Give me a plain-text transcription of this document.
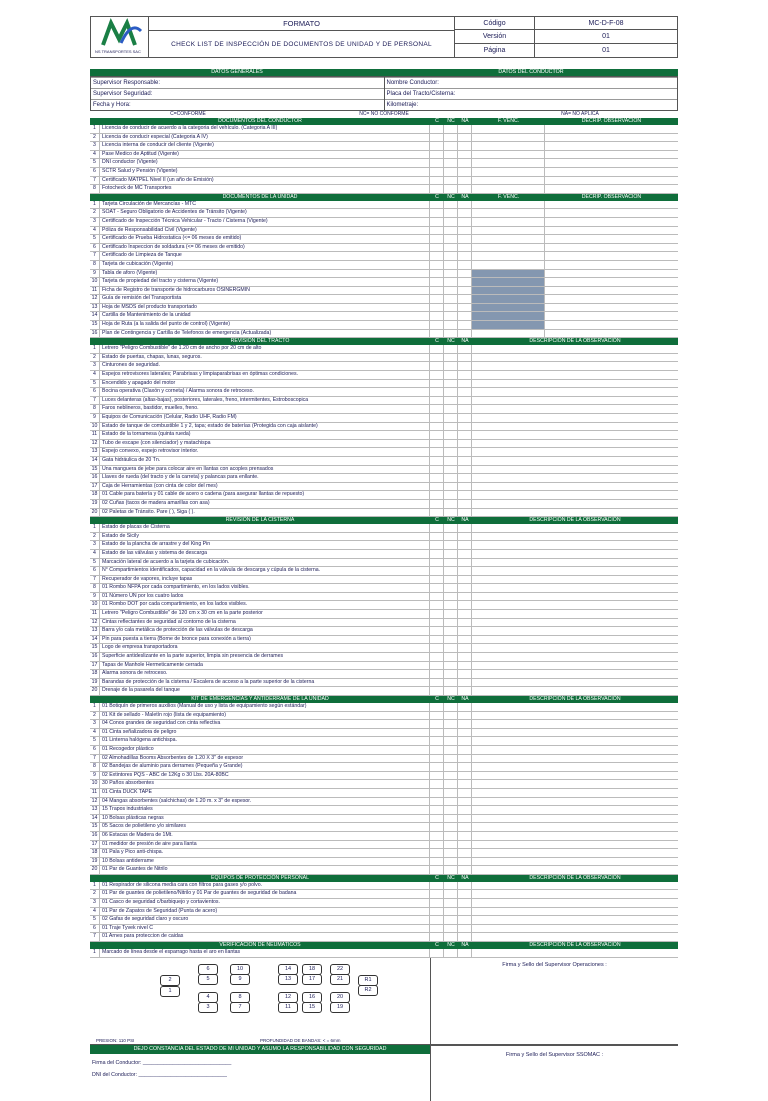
NS TRANSPORTES SAC
FORMATO
CHECK LIST DE INSPECCIÓN DE DOCUMENTOS DE UNIDAD Y DE PERSONAL
Código	MC-D-F-08
Versión	01
Página	01
DATOS GENERALES	DATOS DEL CONDUCTOR
Supervisor Responsable:
Supervisor Seguridad:
Fecha y Hora:
Nombre Conductor:
Placa del Tracto/Cisterna:
Kilometraje:
C=CONFORME	NC= NO CONFORME	NA= NO APLICA
DOCUMENTOS DEL CONDUCTOR	C	NC	NA	F. VENC.	DECRIP. OBSERVACION
1	Licencia de conducir de acuerdo a la categoria del vehículo. (Categoria A III)
2	Licencia de conducir especial (Categoria A IV)
3	Licencia interna de conducir del cliente (Vigente)
4	Pase Medico de Aptitud (Vigente)
5	DNI conductor (Vigente)
6	SCTR Salud y Pensión (Vigente)
7	Certificado MATPEL Nivel II (un año de Emisión)
8	Fotocheck de MC Transportes
DOCUMENTOS DE LA UNIDAD	C	NC	NA	F. VENC.	DECRIP. OBSERVACION
1	Tarjeta Circulación de Mercancías - MTC
2	SOAT - Seguro Obligatorio de Accidentes de Tránsito (Vigente)
3	Certificado de Inspección Técnica Vehicular - Tracto / Cisterna (Vigente)
4	Póliza de Responsabilidad Civil (Vigente)
5	Certificado de Prueba Hidrostatica (<= 06 meses de emitido)
6	Certificado Inspeccion de soldadura (<= 06 meses de emitido)
7	Certificado de Limpieza de Tanque
8	Tarjeta de cubicación (Vigente)
9	Tabla de aforo (Vigente)
10 Tarjeta de propiedad del tracto y cisterna (Vigente)
11 Ficha de Registro de transporte de hidrocarburos OSINERGMIN
12 Guía de remisión del Transportista
13 Hoja de MSDS del producto transportado
14 Cartilla de Mantenimiento de la unidad
15 Hoja de Ruta (a la salida del punto de control) (Vigente)
16 Plan de Contingencia y Cartilla de Telefonos de emergencia (Actualizada)
REVISIÓN DEL TRACTO	C	NC	NA	DESCRIPCIÓN DE LA OBSERVACIÓN
1	Letrero "Peligro Combustible" de 1.20 cm de ancho por 20 cm de alto
2	Estado de puertas, chapas, lunas, seguros.
3	Cinturones de seguridad.
4	Espejos retrovisores laterales; Parabrisas y limpiaparabrisas en óptimas condiciones.
5	Encendido y apagado del motor
6	Bocina operativa (Claxón y corneta) / Alarma sonora de retroceso.
7	Luces delanteras (altas-bajas), posteriores, laterales, freno, intermitentes, Estroboscopica
8	Faros neblineros, bastidor, muelles, freno.
9	Equipos de Comunicación (Celular, Radio UHF, Radio FM)
10 Estado de tanque de combustible 1 y 2, tapa; estado de baterías (Protegida con caja aislante)
11 Estado de la tornamesa (quinta rueda)
12 Tubo de escape (con silenciador) y matachispa
13 Espejo convexo, espejo retrovisor interior.
14 Gata hidráulica de 20 Tn.
15 Una manguera de jebe para colocar aire en llantas con acoples prensados
16 Llaves de rueda (del tracto y de la carreta) y palancas para enllante.
17 Caja de Herramientas (con cinta de color del mes)
18 01 Cable para batería y 01 cable de acero o cadena (para asegurar llantas de repuesto)
19 02 Cuñas (tacos de madera amarillas con asa)
20 02 Paletas de Tránsito. Pare ( ), Siga ( ).
REVISIÓN DE LA CISTERNA	C	NC	NA	DESCRIPCIÓN DE LA OBSERVACIÓN
1	Estado de placas de Cisterna
2	Estado de Sicily
3	Estado de la plancha de arrastre y del King Pin
4	Estado de las válvulas y sistema de descarga
5	Marcación lateral de acuerdo a la tarjeta de cubicación.
6	N° Compartimientos identificados, capacidad en la válvula de descarga y cúpula de la cisterna.
7	Recuperador de vapores, incluye tapas
8	01 Rombo NFPA por cada compartimiento, en los lados visibles.
9	01 Número UN por los cuatro lados
10 01 Rombo DOT por cada compartimiento, en los lados visibles.
11 Letrero "Peligro Combustible" de 120 cm x 30 cm en la parte posterior
12 Cintas reflectantes de seguridad al contorno de la cisterna
13 Barra y/o cala metálica de protección de las válvulas de descarga
14 Pin para puesta a tierra (Borne de bronce para conexión a tierra)
15 Logo de empresa transportadora
16 Superficie antideslizante en la parte superior, limpia sin presencia de derrames
17 Tapas de Manhole Hermeticamente cerrada
18 Alarma sonora de retroceso.
19 Barandas de protección de la cisterna / Escalera de acceso a la parte superior de la cisterna
20 Drenaje de la pasarela del tanque
KIT DE EMERGENCIAS Y ANTIDERRAME DE LA UNIDAD	C	NC	NA	DESCRIPCIÓN DE LA OBSERVACIÓN
1	01 Botiquín de primeros auxilios (Manual de uso y lista de equipamiento según estándar)
2	01 Kit de sellado - Maletín rojo (lista de equipamiento)
3	04 Conos grandes de seguridad con cinta reflectiva
4	01 Cinta señalizadora de peligro
5	01 Linterna halógena antichispa.
6	01 Recogedor plástico
7	02 Almohadillas Booms Absorbentes de 1.20 X 3" de espesor
8	02 Bandejas de aluminio para derrames (Pequeña y Grande)
9	02 Extintores PQS - ABC de 12Kg o 30 Lbs. 20A-80BC
10 30 Paños absorbentes
11 01 Cinta DUCK TAPE
12 04 Mangas absorbentes (salchichas) de 1.20 m. x 3" de espesor.
13 15 Trapos industriales
14 10 Bolsas plásticas negras
15 05 Sacos de polietileno y/o similares
16 06 Estacas de Madera de 1Mt.
17 01 medidor de presión de aire para llanta
18 01 Pala y Pico anti-chispa.
19 10 Bolsas antiderrame
20 01 Par de Guantes de Nitrilo
EQUIPOS DE PROTECCIÓN PERSONAL	C	NC	NA	DESCRIPCIÓN DE LA OBSERVACIÓN
1	01 Respirador de silicona media cara con filtros para gases y/o polvo.
2	01 Par de guantes de polietileno/Nitrilo y 01 Par de guantes de seguridad de badana
3	01 Casco de seguridad c/barbiquejo y cortavientos.
4	01 Par de Zapatos de Seguridad (Punta de acero)
5	02 Gafas de seguridad claro y oscuro
6	01 Traje Tyvek nivel C
7	01 Arnes para proteccion de caidas
VERIFICACION DE NEUMATICOS	C	NC	NA	DESCRIPCIÓN DE LA OBSERVACIÓN
1	Marcado de línea desde el esparrago hasta el aro en llantas
PRESION: 110 PSI	PROFUNDIDAD DE BANDAS: < = 6mm
6	10	14	18	22
2	5	9	13	17	21	R1
R2
1
4	8	12	16	20
3	7	11	15	19
Firma y Sello del Supervisor Operaciones :
DEJO CONSTANCIA DEL ESTADO DE MI UNIDAD Y ASUMO LA RESPONSABILIDAD CON SEGURIDAD
Firma del Conductor: ______________________________
DNI del Conductor: ______________________________
Firma y Sello del Supervisor SSOMAC :
